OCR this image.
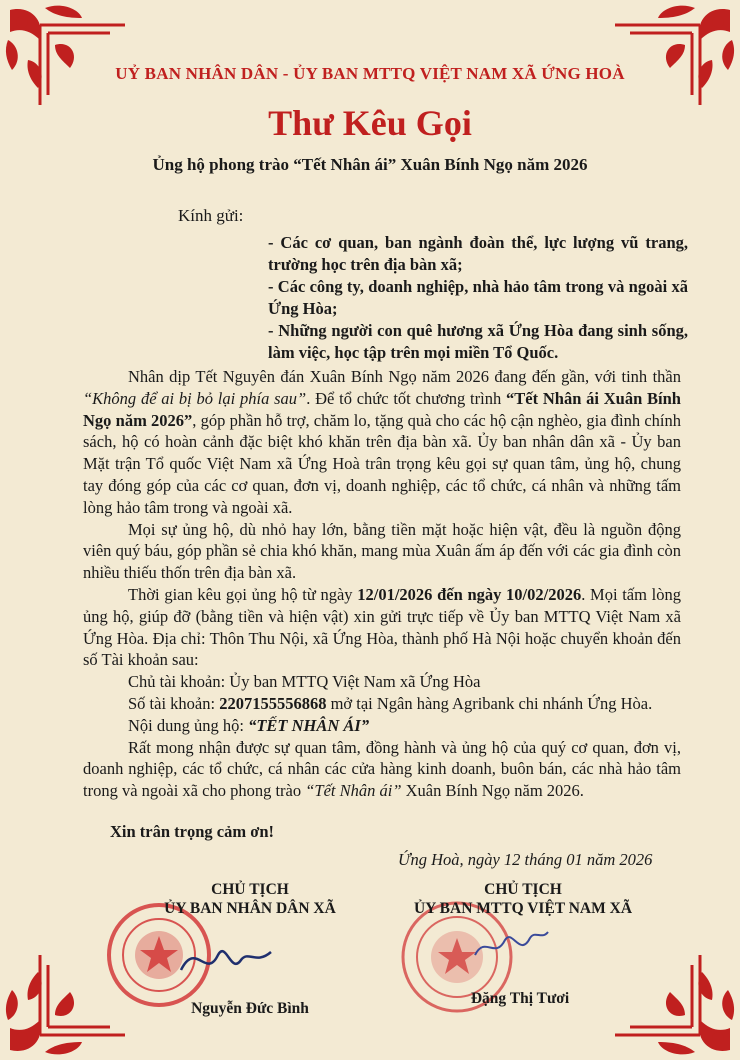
UỶ BAN NHÂN DÂN - ỦY BAN MTTQ VIỆT NAM XÃ ỨNG HOÀ
Thư Kêu Gọi
Ủng hộ phong trào “Tết Nhân ái” Xuân Bính Ngọ năm 2026
Kính gửi:
- Các cơ quan, ban ngành đoàn thể, lực lượng vũ trang, trường học trên địa bàn xã;
- Các công ty, doanh nghiệp, nhà hảo tâm trong và ngoài xã Ứng Hòa;
- Những người con quê hương xã Ứng Hòa đang sinh sống, làm việc, học tập trên mọi miền Tổ Quốc.

Nhân dịp Tết Nguyên đán Xuân Bính Ngọ năm 2026 đang đến gần, với tinh thần “Không để ai bị bỏ lại phía sau”. Để tổ chức tốt chương trình “Tết Nhân ái Xuân Bính Ngọ năm 2026”, góp phần hỗ trợ, chăm lo, tặng quà cho các hộ cận nghèo, gia đình chính sách, hộ có hoàn cảnh đặc biệt khó khăn trên địa bàn xã. Ủy ban nhân dân xã - Ủy ban Mặt trận Tổ quốc Việt Nam xã Ứng Hoà trân trọng kêu gọi sự quan tâm, ủng hộ, chung tay đóng góp của các cơ quan, đơn vị, doanh nghiệp, các tổ chức, cá nhân và những tấm lòng hảo tâm trong và ngoài xã.

Mọi sự ủng hộ, dù nhỏ hay lớn, bằng tiền mặt hoặc hiện vật, đều là nguồn động viên quý báu, góp phần sẻ chia khó khăn, mang mùa Xuân ấm áp đến với các gia đình còn nhiều thiếu thốn trên địa bàn xã.

Thời gian kêu gọi ủng hộ từ ngày 12/01/2026 đến ngày 10/02/2026. Mọi tấm lòng ủng hộ, giúp đỡ (bằng tiền và hiện vật) xin gửi trực tiếp về Ủy ban MTTQ Việt Nam xã Ứng Hòa. Địa chỉ: Thôn Thu Nội, xã Ứng Hòa, thành phố Hà Nội hoặc chuyển khoản đến số Tài khoản sau:

Chủ tài khoản: Ủy ban MTTQ Việt Nam xã Ứng Hòa

Số tài khoản: 2207155556868 mở tại Ngân hàng Agribank chi nhánh Ứng Hòa.

Nội dung ủng hộ: “TẾT NHÂN ÁI”

Rất mong nhận được sự quan tâm, đồng hành và ủng hộ của quý cơ quan, đơn vị, doanh nghiệp, các tổ chức, cá nhân các cửa hàng kinh doanh, buôn bán, các nhà hảo tâm trong và ngoài xã cho phong trào “Tết Nhân ái” Xuân Bính Ngọ năm 2026.

Xin trân trọng cảm ơn!
Ứng Hoà, ngày 12 tháng 01 năm 2026
CHỦ TỊCH
ỦY BAN NHÂN DÂN XÃ
CHỦ TỊCH
ỦY BAN MTTQ VIỆT NAM XÃ
Nguyễn Đức Bình
Đặng Thị Tươi
